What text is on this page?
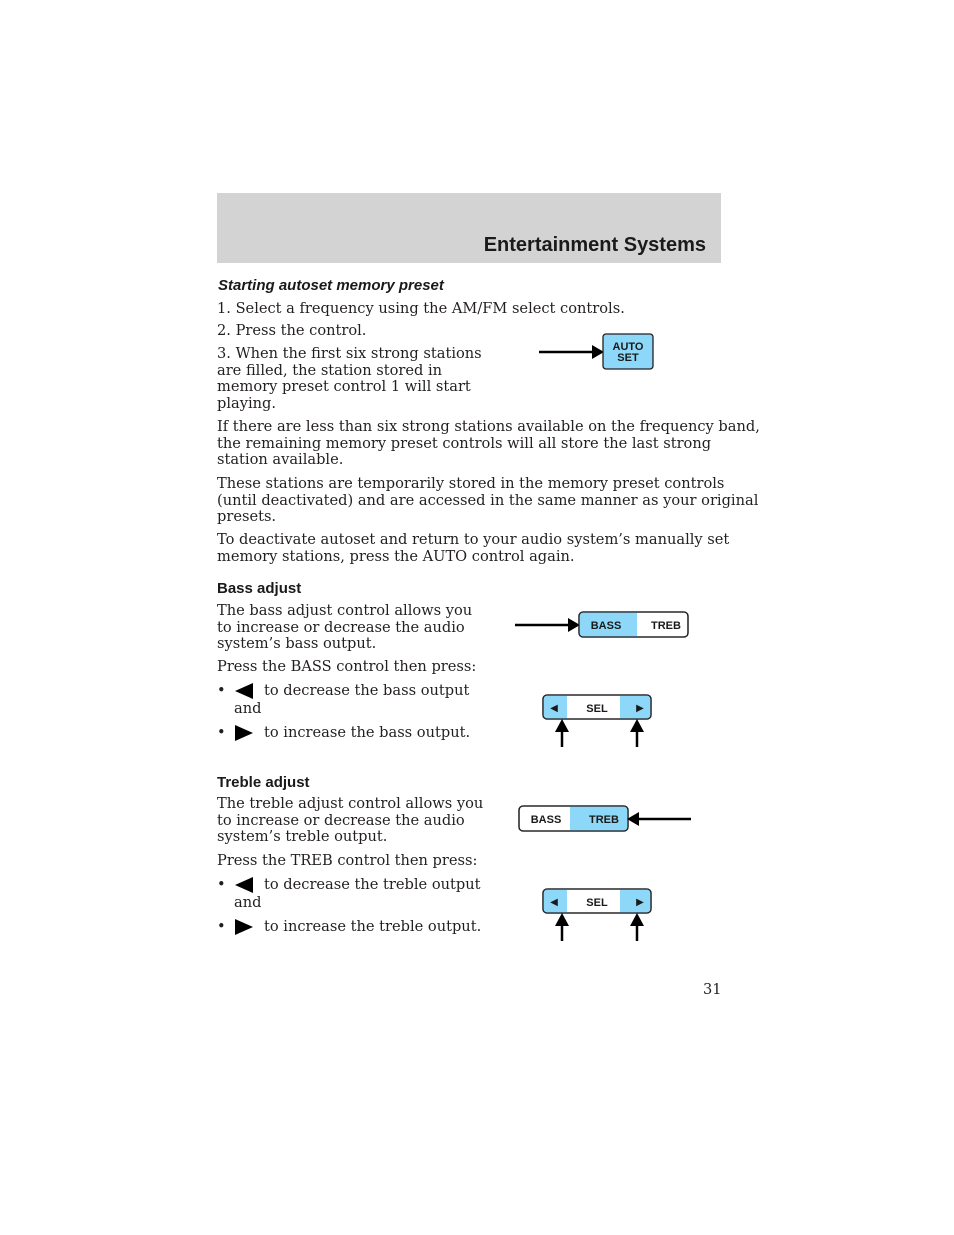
Entertainment Systems
Starting autoset memory preset
1. Select a frequency using the AM/FM select controls.
2. Press the control.
3. When the first six strong stations
are filled, the station stored in
memory preset control 1 will start
playing.
AUTO
SET
If there are less than six strong stations available on the frequency band,
the remaining memory preset controls will all store the last strong
station available.
These stations are temporarily stored in the memory preset controls
(until deactivated) and are accessed in the same manner as your original
presets.
To deactivate autoset and return to your audio system’s manually set
memory stations, press the AUTO control again.
Bass adjust
The bass adjust control allows you
to increase or decrease the audio
system’s bass output.
Press the BASS control then press:
•	to decrease the bass output
and
•	to increase the bass output.
BASS	TREB
◀	SEL	▶
Treble adjust
The treble adjust control allows you
to increase or decrease the audio
system’s treble output.
Press the TREB control then press:
•	to decrease the treble output
and
•	to increase the treble output.
BASS	TREB
◀	SEL	▶
31
